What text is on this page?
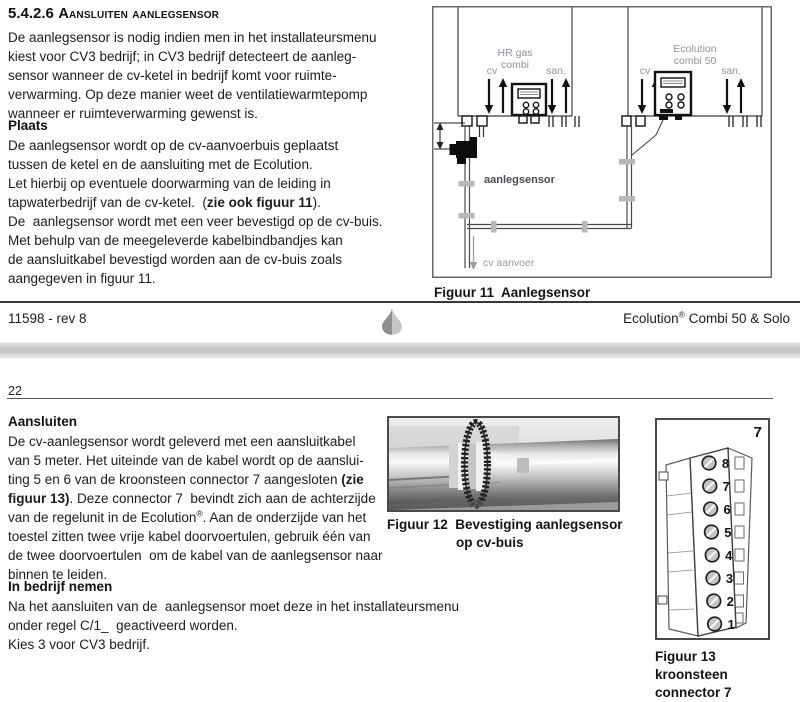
5.4.2.6 Aansluiten aanlegsensor
De aanlegsensor is nodig indien men in het installateursmenu
kiest voor CV3 bedrijf; in CV3 bedrijf detecteert de aanleg-
sensor wanneer de cv-ketel in bedrijf komt voor ruimte-
verwarming. Op deze manier weet de ventilatiewarmtepomp
wanneer er ruimteverwarming gewenst is.
Plaats
De aanlegsensor wordt op de cv-aanvoerbuis geplaatst
tussen de ketel en de aansluiting met de Ecolution.
Let hierbij op eventuele doorwarming van de leiding in
tapwaterbedrijf van de cv-ketel.  (zie ook figuur 11).
De  aanlegsensor wordt met een veer bevestigd op de cv-buis.
Met behulp van de meegeleverde kabelbindbandjes kan
de aansluitkabel bevestigd worden aan de cv-buis zoals
aangegeven in figuur 11.
HR gas
combi
Ecolution
combi 50
cv	san.	cv	san.
aanlegsensor
cv aanvoer
Figuur 11  Aanlegsensor
11598 - rev 8	Ecolution® Combi 50 & Solo
22
Aansluiten
De cv-aanlegsensor wordt geleverd met een aansluitkabel
van 5 meter. Het uiteinde van de kabel wordt op de aanslui-
ting 5 en 6 van de kroonsteen connector 7 aangesloten (zie
figuur 13). Deze connector 7  bevindt zich aan de achterzijde
van de regelunit in de Ecolution®. Aan de onderzijde van het
toestel zitten twee vrije kabel doorvoertulen, gebruik één van
de twee doorvoertulen  om de kabel van de aanlegsensor naar
binnen te leiden.
In bedrijf nemen
Na het aansluiten van de  aanlegsensor moet deze in het installateursmenu
onder regel C/1_  geactiveerd worden.
Kies 3 voor CV3 bedrijf.
Figuur 12  Bevestiging aanlegsensor
op cv-buis
7
8
7
6
5
4
3
2
1
Figuur 13
kroonsteen
connector 7
